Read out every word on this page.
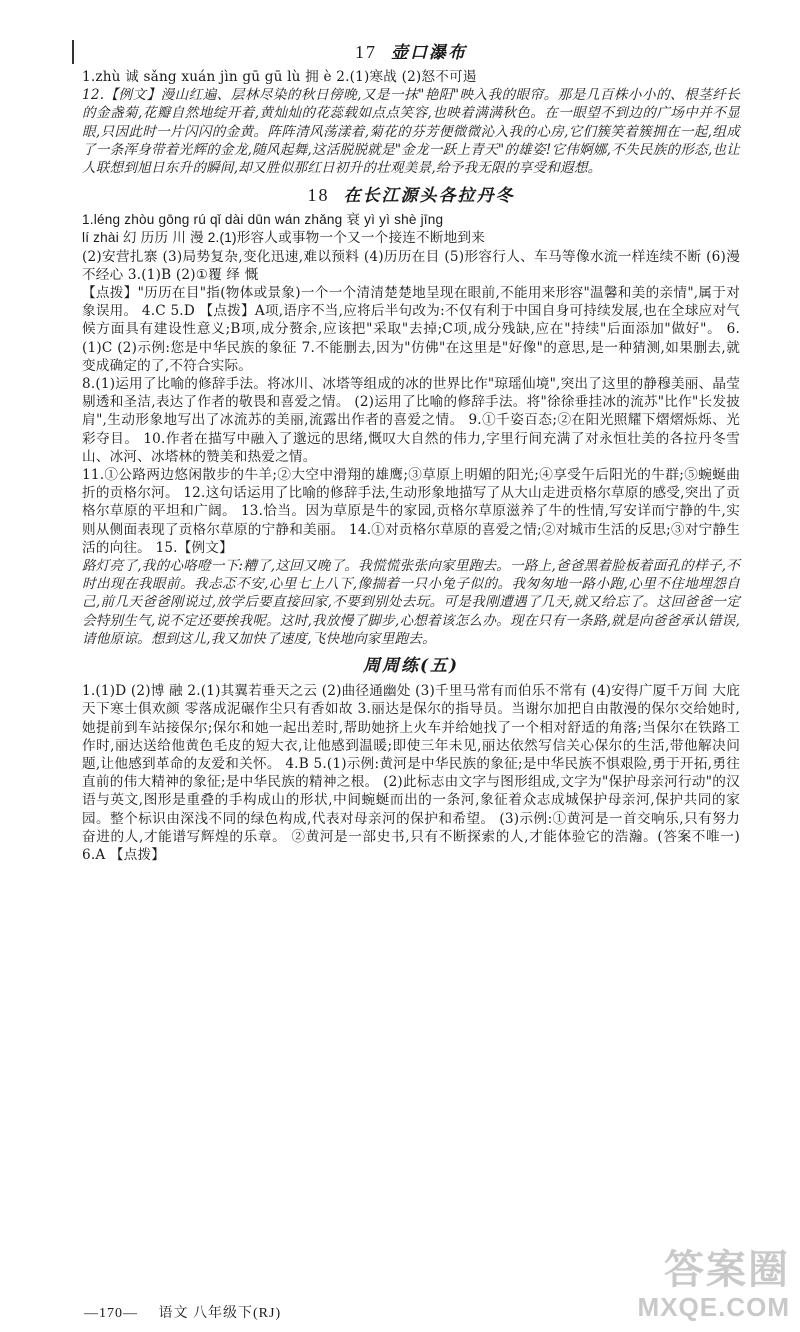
17 壶口瀑布

1.zhù 诚 sǎng xuán jìn gū gū lù 拥 è 2.(1)寒战 (2)怒不可遏

12.【例文】漫山红遍、层林尽染的秋日傍晚,又是一抹"艳阳"映入我的眼帘。那是几百株小小的、根茎纤长的金盏菊,花瓣自然地绽开着,黄灿灿的花蕊载如点点笑容,也映着满满秋色。在一眼望不到边的广场中并不显眼,只因此时一片闪闪的金黄。阵阵清风荡漾着,菊花的芬芳便微微沁入我的心房,它们簇笑着簇拥在一起,组成了一条浑身带着光辉的金龙,随风起舞,这活脱脱就是"金龙一跃上青天"的雄姿!它伟婀娜,不失民族的形态,也让人联想到旭日东升的瞬间,却又胜似那红日初升的壮观美景,给予我无限的享受和遐想。

18 在长江源头各拉丹冬

1.léng zhòu gōng rú qǐ dài dūn wán zhǎng 衰 yì yì shè jīng

lí zhài 幻 历历 川 漫 2.(1)形容人或事物一个又一个接连不断地到来

(2)安营扎寨 (3)局势复杂,变化迅速,难以预料 (4)历历在目 (5)形容行人、车马等像水流一样连续不断 (6)漫不经心 3.(1)B (2)①覆 绎 慨

【点拨】"历历在目"指(物体或景象)一个一个清清楚楚地呈现在眼前,不能用来形容"温馨和美的亲情",属于对象误用。 4.C 5.D 【点拨】A项,语序不当,应将后半句改为:不仅有利于中国自身可持续发展,也在全球应对气候方面具有建设性意义;B项,成分赘余,应该把"采取"去掉;C项,成分残缺,应在"持续"后面添加"做好"。 6.(1)C (2)示例:您是中华民族的象征 7.不能删去,因为"仿佛"在这里是"好像"的意思,是一种猜测,如果删去,就变成确定的了,不符合实际。

8.(1)运用了比喻的修辞手法。将冰川、冰塔等组成的冰的世界比作"琼瑶仙境",突出了这里的静穆美丽、晶莹剔透和圣洁,表达了作者的敬畏和喜爱之情。 (2)运用了比喻的修辞手法。将"徐徐垂挂冰的流苏"比作"长发披肩",生动形象地写出了冰流苏的美丽,流露出作者的喜爱之情。 9.①千姿百态;②在阳光照耀下熠熠烁烁、光彩夺目。 10.作者在描写中融入了邈远的思绪,慨叹大自然的伟力,字里行间充满了对永恒壮美的各拉丹冬雪山、冰河、冰塔林的赞美和热爱之情。

11.①公路两边悠闲散步的牛羊;②大空中滑翔的雄鹰;③草原上明媚的阳光;④享受午后阳光的牛群;⑤蜿蜒曲折的贡格尔河。 12.这句话运用了比喻的修辞手法,生动形象地描写了从大山走进贡格尔草原的感受,突出了贡格尔草原的平坦和广阔。 13.恰当。因为草原是牛的家园,贡格尔草原滋养了牛的性情,写安详而宁静的牛,实则从侧面表现了贡格尔草原的宁静和美丽。 14.①对贡格尔草原的喜爱之情;②对城市生活的反思;③对宁静生活的向往。 15.【例文】

路灯亮了,我的心咯噔一下:糟了,这回又晚了。我慌慌张张向家里跑去。一路上,爸爸黑着脸板着面孔的样子,不时出现在我眼前。我忐忑不安,心里七上八下,像揣着一只小兔子似的。我匆匆地一路小跑,心里不住地埋怨自己,前几天爸爸刚说过,放学后要直接回家,不要到别处去玩。可是我刚遭遇了几天,就又给忘了。这回爸爸一定会特别生气,说不定还要挨我呢。这时,我放慢了脚步,心想着该怎么办。现在只有一条路,就是向爸爸承认错误,请他原谅。想到这儿,我又加快了速度,飞快地向家里跑去。

周周练(五)

1.(1)D (2)博 融 2.(1)其翼若垂天之云 (2)曲径通幽处 (3)千里马常有而伯乐不常有 (4)安得广厦千万间 大庇天下寒士俱欢颜 零落成泥碾作尘只有香如故 3.丽达是保尔的指导员。当谢尔加把自由散漫的保尔交给她时,她提前到车站接保尔;保尔和她一起出差时,帮助她挤上火车并给她找了一个相对舒适的角落;当保尔在铁路工作时,丽达送给他黄色毛皮的短大衣,让他感到温暖;即使三年未见,丽达依然写信关心保尔的生活,带他解决问题,让他感到革命的友爱和关怀。 4.B 5.(1)示例:黄河是中华民族的象征;是中华民族不惧艰险,勇于开拓,勇往直前的伟大精神的象征;是中华民族的精神之根。 (2)此标志由文字与图形组成,文字为"保护母亲河行动"的汉语与英文,图形是重叠的手构成山的形状,中间蜿蜒而出的一条河,象征着众志成城保护母亲河,保护共同的家园。整个标识由深浅不同的绿色构成,代表对母亲河的保护和希望。 (3)示例:①黄河是一首交响乐,只有努力奋进的人,才能谱写辉煌的乐章。 ②黄河是一部史书,只有不断探索的人,才能体验它的浩瀚。(答案不唯一) 6.A 【点拨】

—170— 语文 八年级下(RJ)
答案圈
MXQE.COM
